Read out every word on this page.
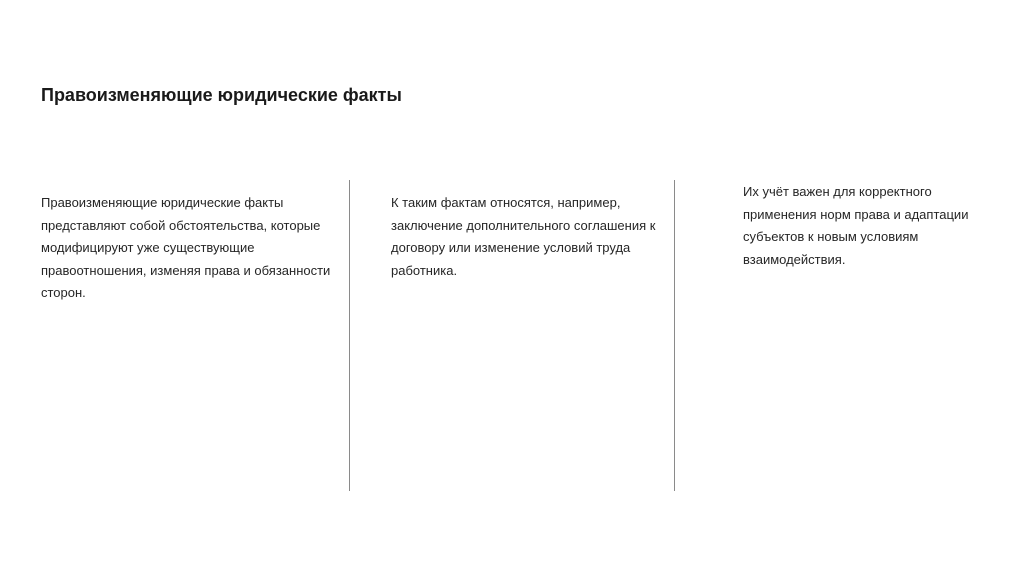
Правоизменяющие юридические факты

Правоизменяющие юридические факты представляют собой обстоятельства, которые модифицируют уже существующие правоотношения, изменяя права и обязанности сторон.

К таким фактам относятся, например, заключение дополнительного соглашения к договору или изменение условий труда работника.

Их учёт важен для корректного применения норм права и адаптации субъектов к новым условиям взаимодействия.
